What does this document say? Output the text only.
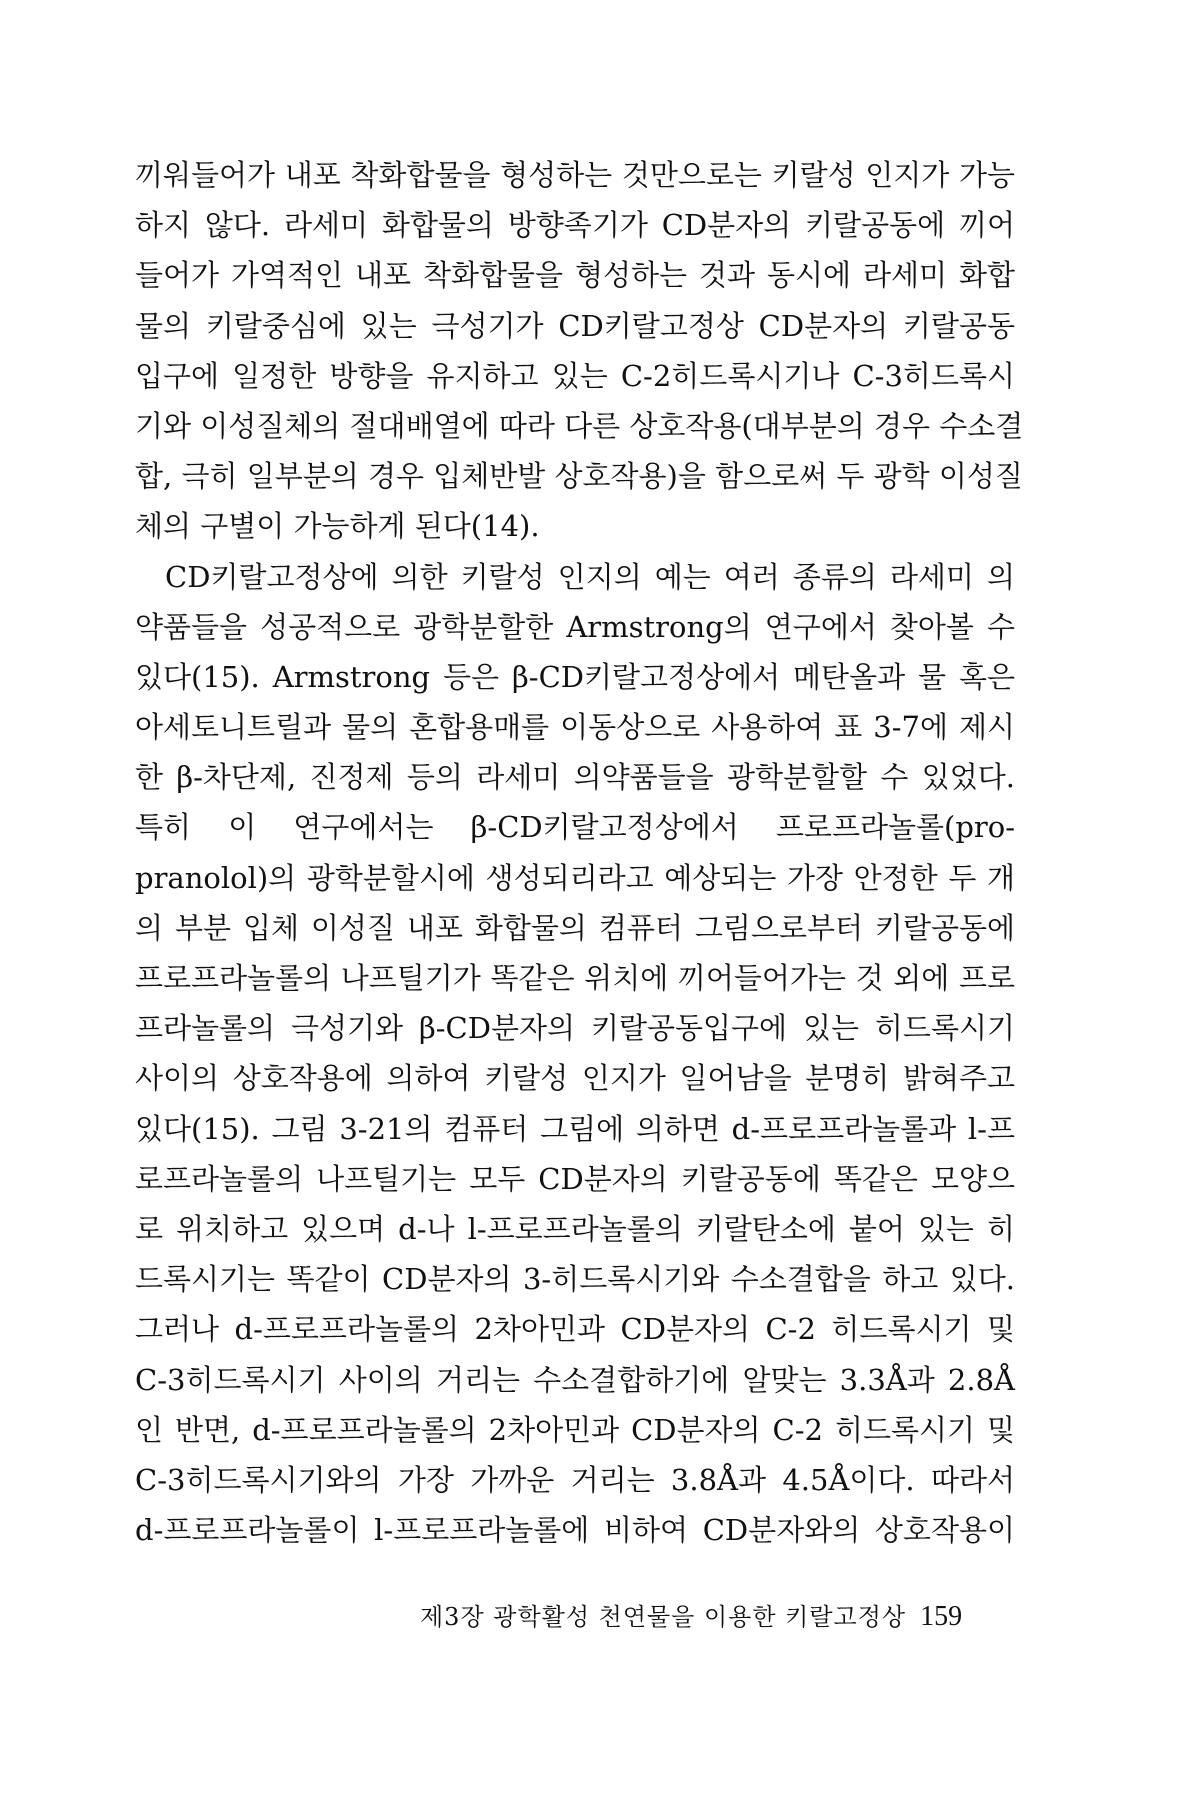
끼워들어가 내포 착화합물을 형성하는 것만으로는 키랄성 인지가 가능
하지 않다. 라세미 화합물의 방향족기가 CD분자의 키랄공동에 끼어
들어가 가역적인 내포 착화합물을 형성하는 것과 동시에 라세미 화합
물의 키랄중심에 있는 극성기가 CD키랄고정상 CD분자의 키랄공동
입구에 일정한 방향을 유지하고 있는 C-2히드록시기나 C-3히드록시
기와 이성질체의 절대배열에 따라 다른 상호작용(대부분의 경우 수소결
합, 극히 일부분의 경우 입체반발 상호작용)을 함으로써 두 광학 이성질
체의 구별이 가능하게 된다(14).
CD키랄고정상에 의한 키랄성 인지의 예는 여러 종류의 라세미 의
약품들을 성공적으로 광학분할한 Armstrong의 연구에서 찾아볼 수
있다(15). Armstrong 등은 β-CD키랄고정상에서 메탄올과 물 혹은
아세토니트릴과 물의 혼합용매를 이동상으로 사용하여 표 3-7에 제시
한 β-차단제, 진정제 등의 라세미 의약품들을 광학분할할 수 있었다.
특히 이 연구에서는 β-CD키랄고정상에서 프로프라놀롤(pro-
pranolol)의 광학분할시에 생성되리라고 예상되는 가장 안정한 두 개
의 부분 입체 이성질 내포 화합물의 컴퓨터 그림으로부터 키랄공동에
프로프라놀롤의 나프틸기가 똑같은 위치에 끼어들어가는 것 외에 프로
프라놀롤의 극성기와 β-CD분자의 키랄공동입구에 있는 히드록시기
사이의 상호작용에 의하여 키랄성 인지가 일어남을 분명히 밝혀주고
있다(15). 그림 3-21의 컴퓨터 그림에 의하면 d-프로프라놀롤과 l-프
로프라놀롤의 나프틸기는 모두 CD분자의 키랄공동에 똑같은 모양으
로 위치하고 있으며 d-나 l-프로프라놀롤의 키랄탄소에 붙어 있는 히
드록시기는 똑같이 CD분자의 3-히드록시기와 수소결합을 하고 있다.
그러나 d-프로프라놀롤의 2차아민과 CD분자의 C-2 히드록시기 및
C-3히드록시기 사이의 거리는 수소결합하기에 알맞는 3.3Å과 2.8Å
인 반면, d-프로프라놀롤의 2차아민과 CD분자의 C-2 히드록시기 및
C-3히드록시기와의 가장 가까운 거리는 3.8Å과 4.5Å이다. 따라서
d-프로프라놀롤이 l-프로프라놀롤에 비하여 CD분자와의 상호작용이
제3장 광학활성 천연물을 이용한 키랄고정상 159
